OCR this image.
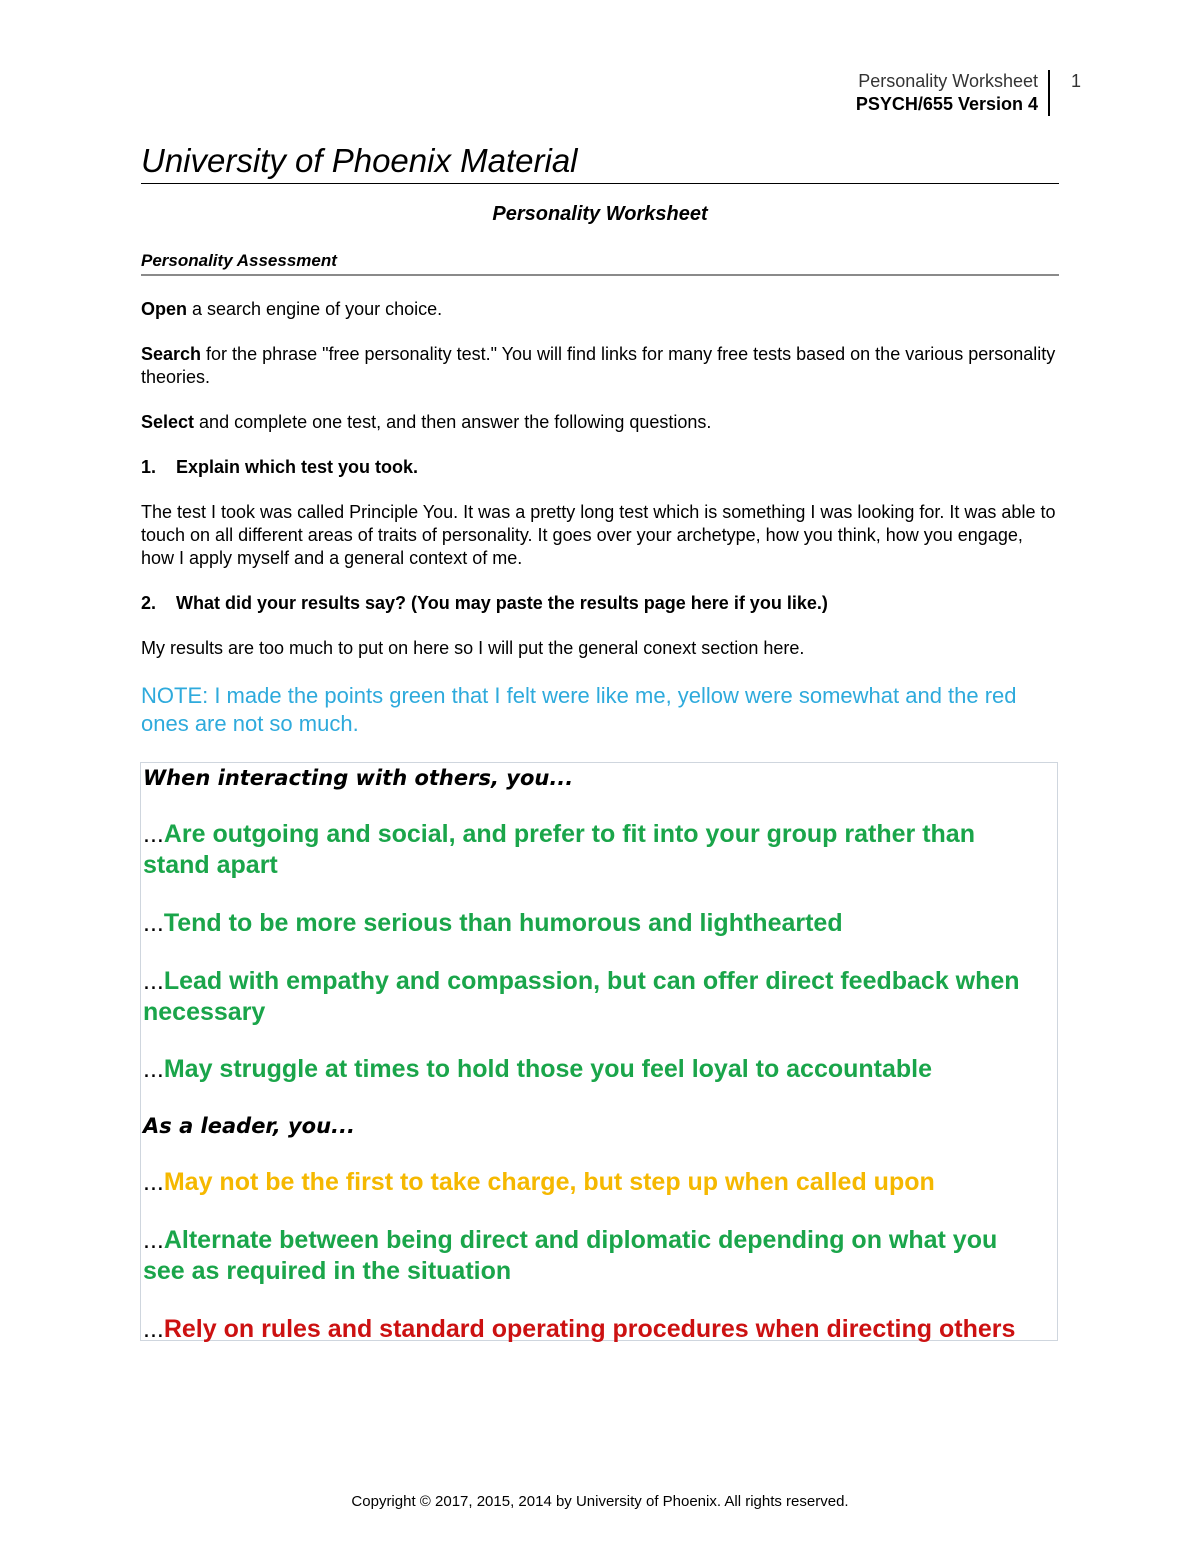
Personality Worksheet
PSYCH/655 Version 4
1
University of Phoenix Material
Personality Worksheet
Personality Assessment
Open a search engine of your choice.
Search for the phrase "free personality test." You will find links for many free tests based on the various personality theories.
Select and complete one test, and then answer the following questions.
1. Explain which test you took.
The test I took was called Principle You. It was a pretty long test which is something I was looking for. It was able to touch on all different areas of traits of personality. It goes over your archetype, how you think, how you engage, how I apply myself and a general context of me.
2. What did your results say? (You may paste the results page here if you like.)
My results are too much to put on here so I will put the general conext section here.
NOTE: I made the points green that I felt were like me, yellow were somewhat and the red ones are not so much.
When interacting with others, you...
...Are outgoing and social, and prefer to fit into your group rather than stand apart
...Tend to be more serious than humorous and lighthearted
...Lead with empathy and compassion, but can offer direct feedback when necessary
...May struggle at times to hold those you feel loyal to accountable
As a leader, you...
...May not be the first to take charge, but step up when called upon
...Alternate between being direct and diplomatic depending on what you see as required in the situation
...Rely on rules and standard operating procedures when directing others
Copyright © 2017, 2015, 2014 by University of Phoenix. All rights reserved.
